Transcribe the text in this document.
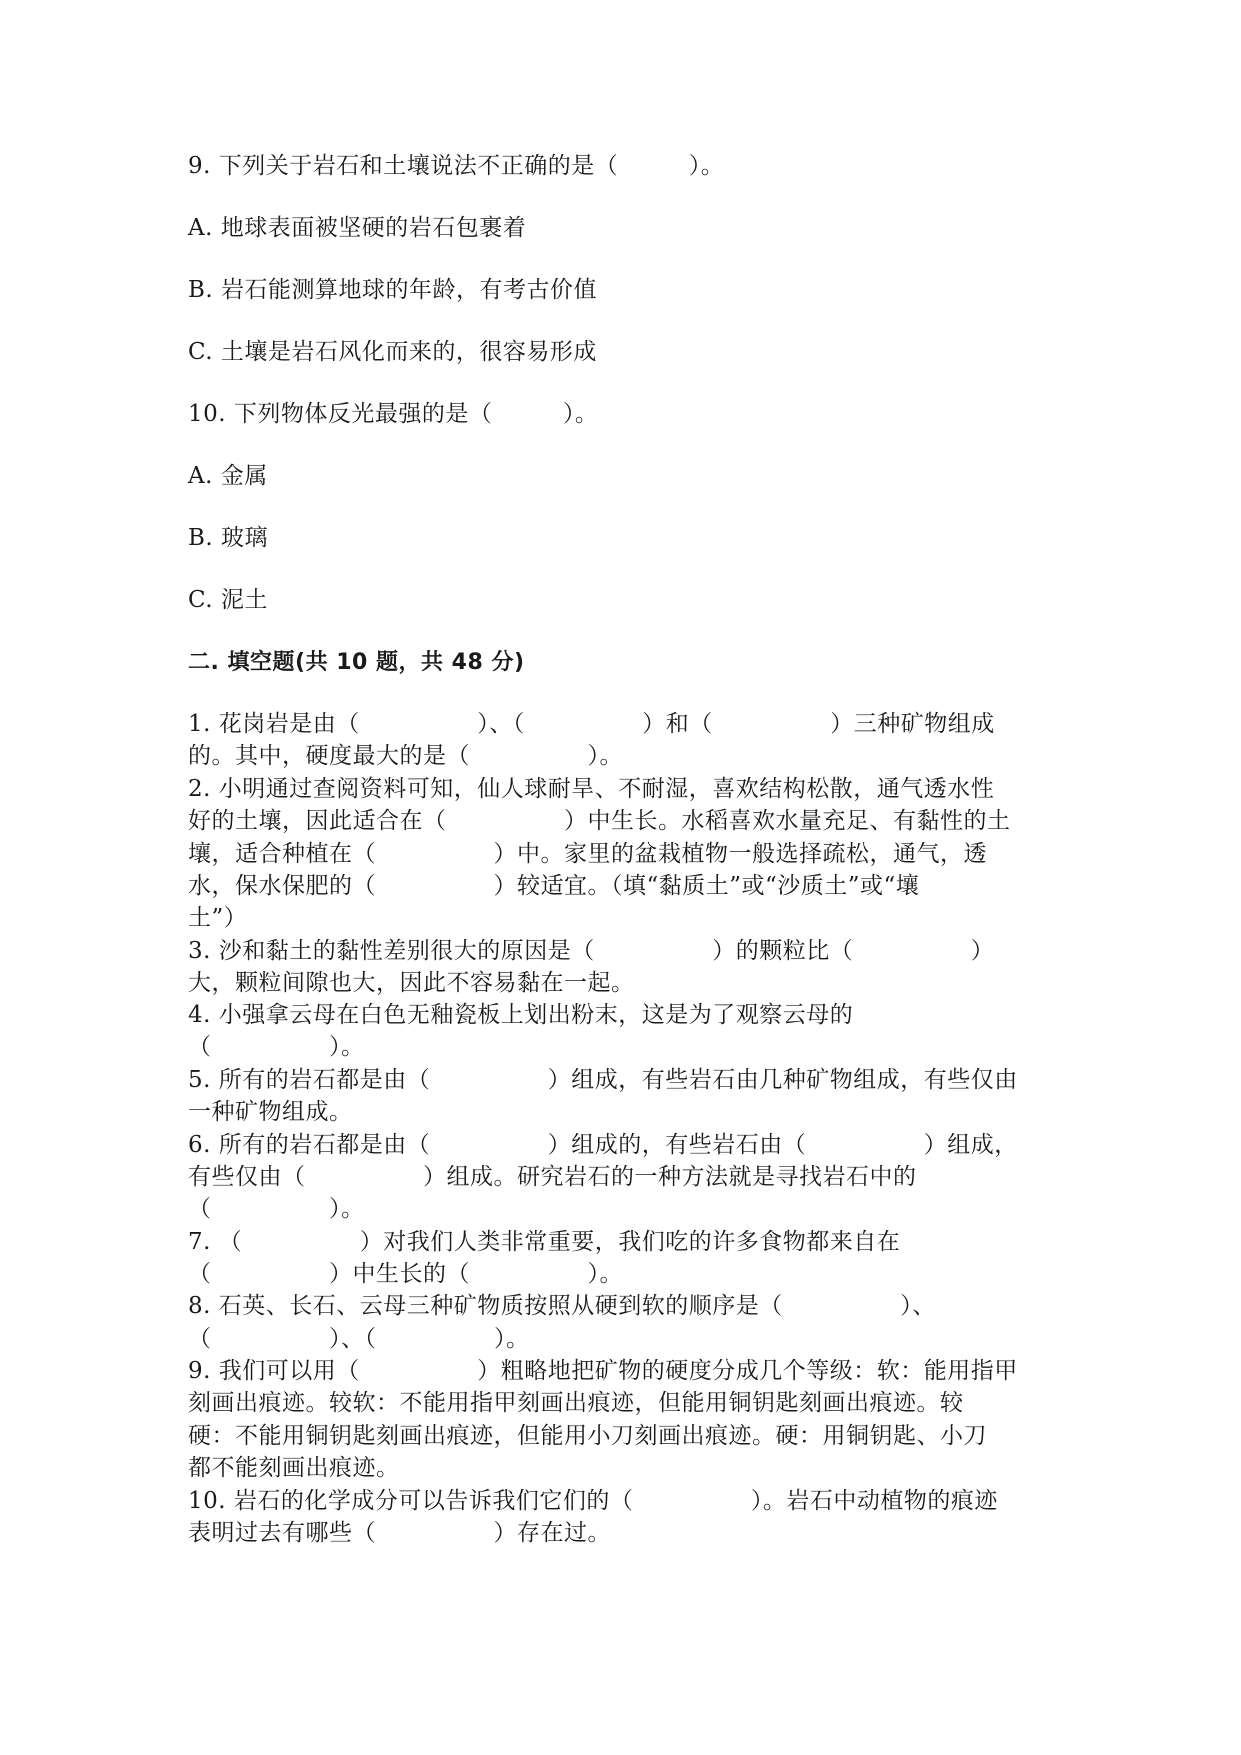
9. 下列关于岩石和土壤说法不正确的是（　　　）。
A. 地球表面被坚硬的岩石包裹着
B. 岩石能测算地球的年龄，有考古价值
C. 土壤是岩石风化而来的，很容易形成
10. 下列物体反光最强的是（　　　）。
A. 金属
B. 玻璃
C. 泥土
二. 填空题(共 10 题，共 48 分)
1. 花岗岩是由（　　　　　）、（　　　　　）和（　　　　　）三种矿物组成
的。其中，硬度最大的是（　　　　　）。
2. 小明通过查阅资料可知，仙人球耐旱、不耐湿，喜欢结构松散，通气透水性
好的土壤，因此适合在（　　　　　）中生长。水稻喜欢水量充足、有黏性的土
壤，适合种植在（　　　　　）中。家里的盆栽植物一般选择疏松，通气，透
水，保水保肥的（　　　　　）较适宜。（填“黏质土”或“沙质土”或“壤
土”）
3. 沙和黏土的黏性差别很大的原因是（　　　　　）的颗粒比（　　　　　）
大，颗粒间隙也大，因此不容易黏在一起。
4. 小强拿云母在白色无釉瓷板上划出粉末，这是为了观察云母的
（　　　　　）。
5. 所有的岩石都是由（　　　　　）组成，有些岩石由几种矿物组成，有些仅由
一种矿物组成。
6. 所有的岩石都是由（　　　　　）组成的，有些岩石由（　　　　　）组成，
有些仅由（　　　　　）组成。研究岩石的一种方法就是寻找岩石中的
（　　　　　）。
7. （　　　　　）对我们人类非常重要，我们吃的许多食物都来自在
（　　　　　）中生长的（　　　　　）。
8. 石英、长石、云母三种矿物质按照从硬到软的顺序是（　　　　　）、
（　　　　　）、（　　　　　）。
9. 我们可以用（　　　　　）粗略地把矿物的硬度分成几个等级：软：能用指甲
刻画出痕迹。较软：不能用指甲刻画出痕迹，但能用铜钥匙刻画出痕迹。较
硬：不能用铜钥匙刻画出痕迹，但能用小刀刻画出痕迹。硬：用铜钥匙、小刀
都不能刻画出痕迹。
10. 岩石的化学成分可以告诉我们它们的（　　　　　）。岩石中动植物的痕迹
表明过去有哪些（　　　　　）存在过。
